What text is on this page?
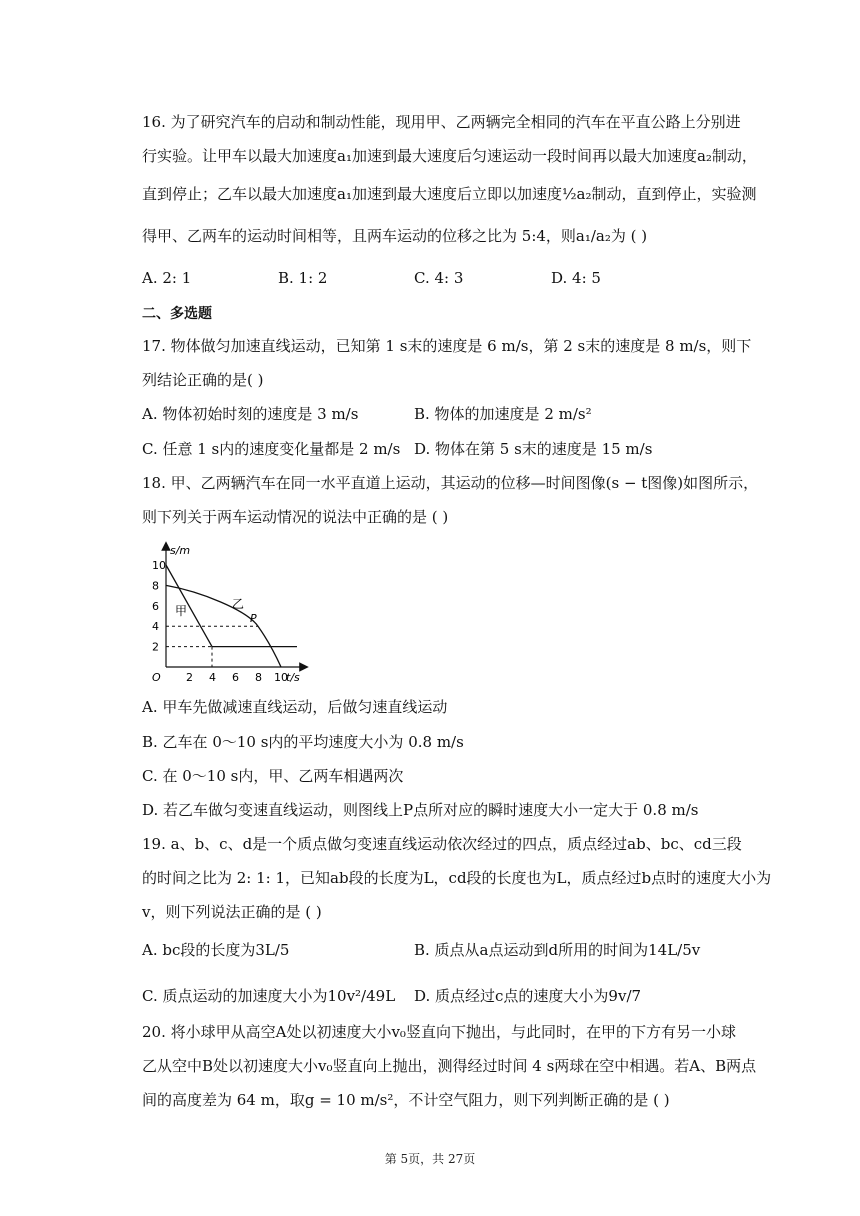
16. 为了研究汽车的启动和制动性能，现用甲、乙两辆完全相同的汽车在平直公路上分别进
行实验。让甲车以最大加速度a₁加速到最大速度后匀速运动一段时间再以最大加速度a₂制动，
直到停止；乙车以最大加速度a₁加速到最大速度后立即以加速度½a₂制动，直到停止，实验测
得甲、乙两车的运动时间相等，且两车运动的位移之比为 5:4，则a₁/a₂为 ( )
A. 2: 1	B. 1: 2	C. 4: 3	D. 4: 5
二、多选题
17. 物体做匀加速直线运动，已知第 1 s末的速度是 6 m/s，第 2 s末的速度是 8 m/s，则下
列结论正确的是( )
A. 物体初始时刻的速度是 3 m/s	B. 物体的加速度是 2 m/s²
C. 任意 1 s内的速度变化量都是 2 m/s D. 物体在第 5 s末的速度是 15 m/s
18. 甲、乙两辆汽车在同一水平直道上运动，其运动的位移—时间图像(s − t图像)如图所示，
则下列关于两车运动情况的说法中正确的是 ( )
s/m
t/s
O
2
4
6
8
10
2 4 6 8 10
甲	乙
P
A. 甲车先做减速直线运动，后做匀速直线运动
B. 乙车在 0～10 s内的平均速度大小为 0.8 m/s
C. 在 0～10 s内，甲、乙两车相遇两次
D. 若乙车做匀变速直线运动，则图线上P点所对应的瞬时速度大小一定大于 0.8 m/s
19. a、b、c、d是一个质点做匀变速直线运动依次经过的四点，质点经过ab、bc、cd三段
的时间之比为 2: 1: 1，已知ab段的长度为L，cd段的长度也为L，质点经过b点时的速度大小为
v，则下列说法正确的是 ( )
A. bc段的长度为3L/5	B. 质点从a点运动到d所用的时间为14L/5v
C. 质点运动的加速度大小为10v²/49L D. 质点经过c点的速度大小为9v/7
20. 将小球甲从高空A处以初速度大小v₀竖直向下抛出，与此同时，在甲的下方有另一小球
乙从空中B处以初速度大小v₀竖直向上抛出，测得经过时间 4 s两球在空中相遇。若A、B两点
间的高度差为 64 m，取g = 10 m/s²，不计空气阻力，则下列判断正确的是 ( )
第 5页，共 27页
